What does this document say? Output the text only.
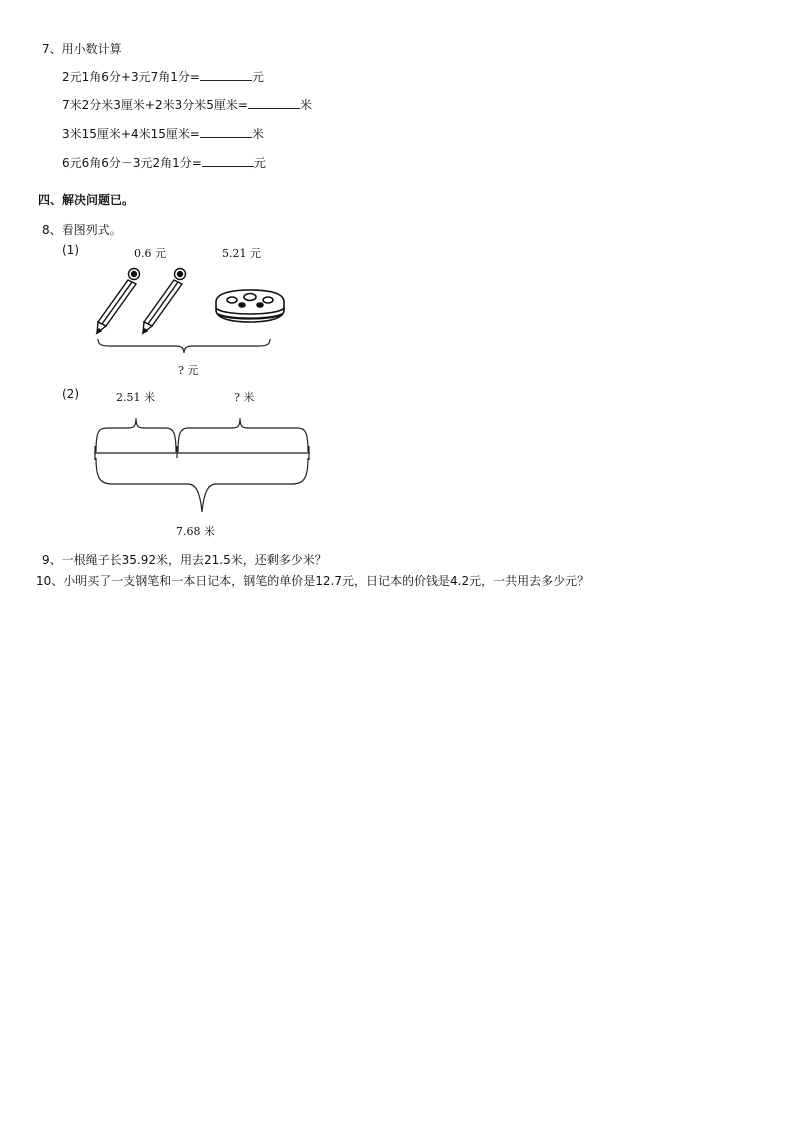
7、用小数计算
2元1角6分+3元7角1分=	元
7米2分米3厘米+2米3分米5厘米=	米
3米15厘米+4米15厘米=	米
6元6角6分－3元2角1分=	元
四、解决问题已。
8、看图列式。
(1)	0.6 元	5.21 元
? 元
(2)	2.51 米	? 米
7.68 米
9、一根绳子长35.92米，用去21.5米，还剩多少米？
10、小明买了一支钢笔和一本日记本，钢笔的单价是12.7元，日记本的价钱是4.2元，一共用去多少元？
